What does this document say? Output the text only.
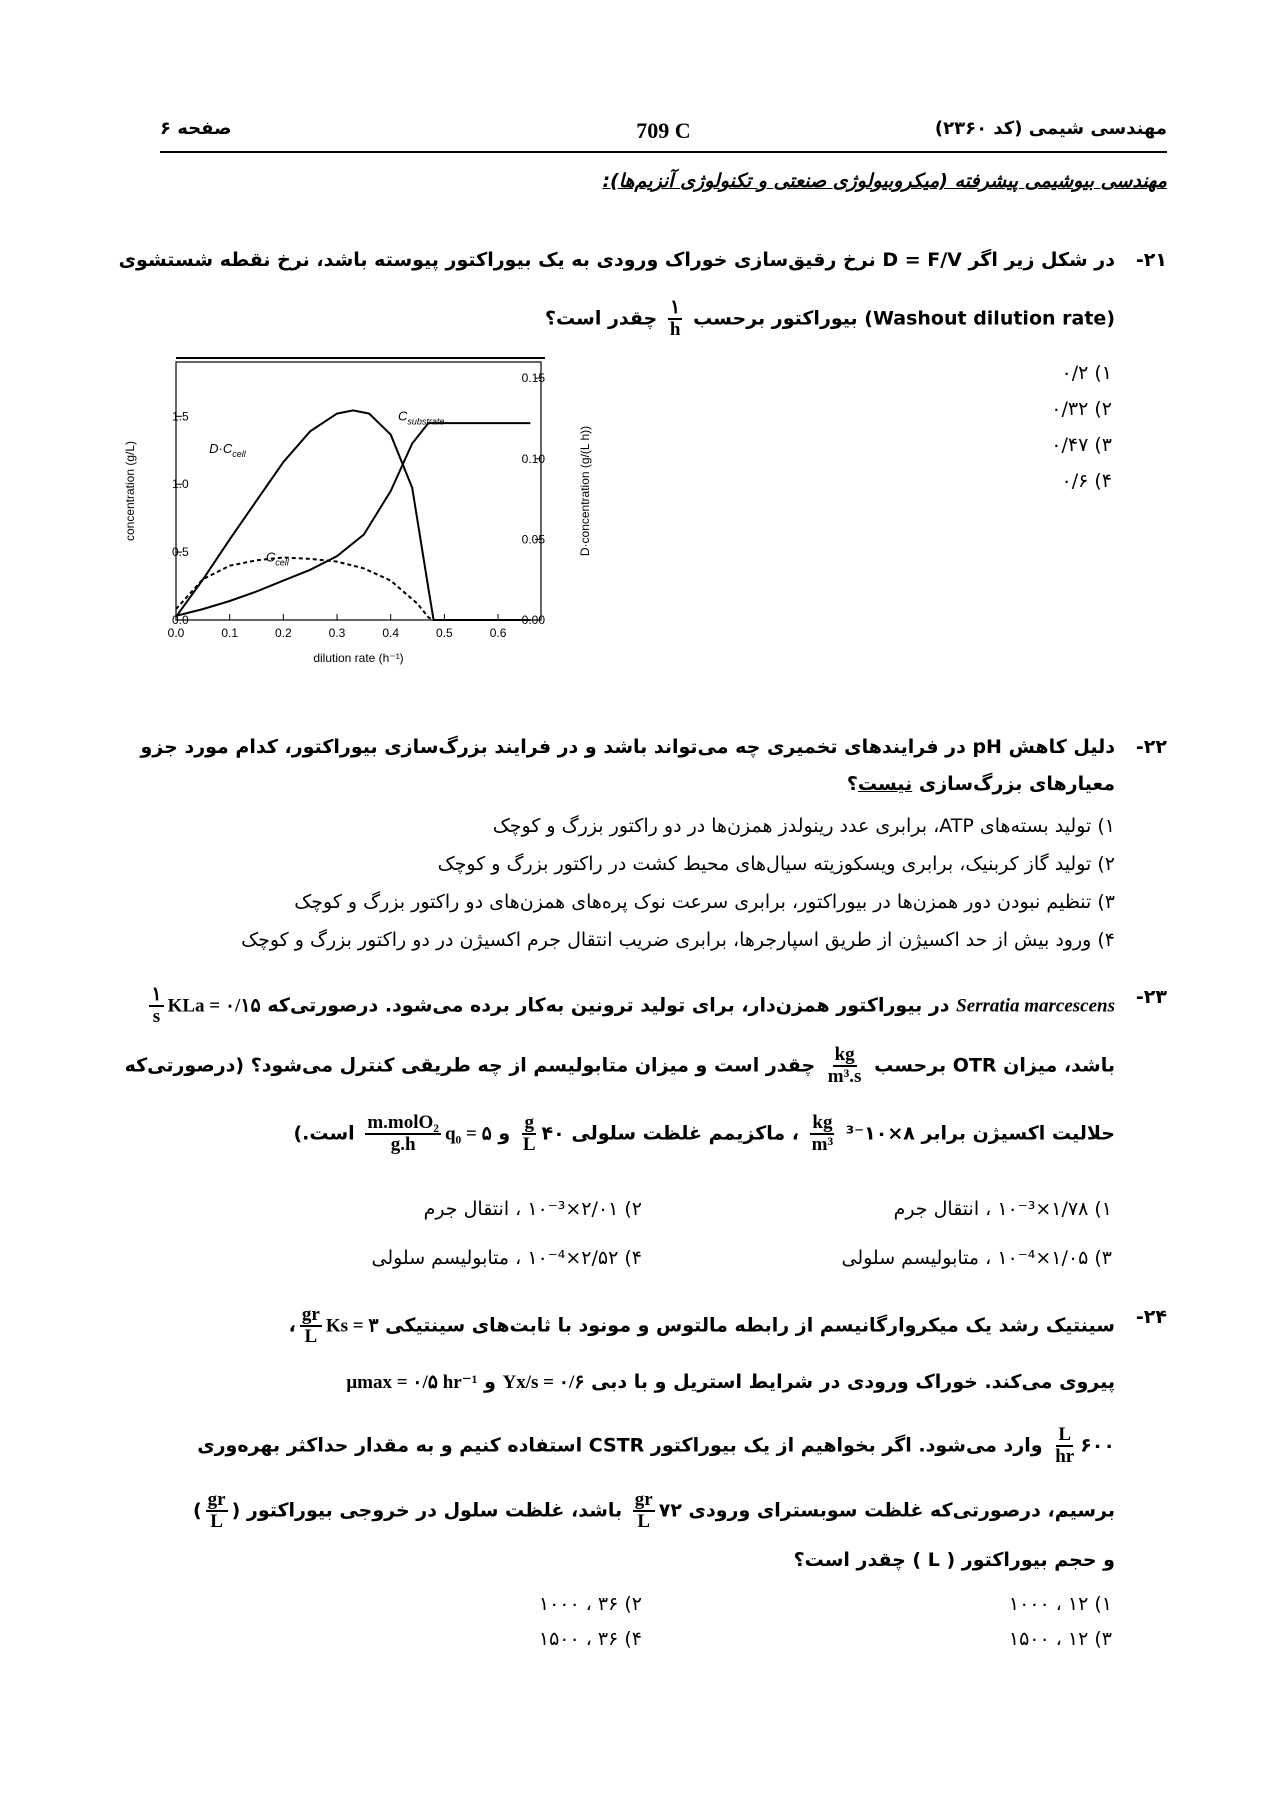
مهندسی شیمی (کد ۲۳۶۰)
709 C
صفحه ۶
مهندسی بیوشیمی پیشرفته (میکروبیولوژی صنعتی و تکنولوژی آنزیم‌ها):
۲۱-
در شکل زیر اگر D = F/V نرخ رقیق‌سازی خوراک ورودی به یک بیوراکتور پیوسته باشد، نرخ نقطه شستشوی
(Washout dilution rate) بیوراکتور برحسب
$\frac{۱}{h}$
چقدر است؟
۱) ۰/۲
۲) ۰/۳۲
۳) ۰/۴۷
۴) ۰/۶
0.0	0.1	0.2	0.3	0.4	0.5	0.6
0.0
0.5
1.0
1.5
0.00
0.05
0.10
0.15
dilution rate (h⁻¹)
concentration (g/L)	D·concentration (g/(L h))
$D\cdot C_{cell}$
$C_{cell}$
$C_{substrate}$
۲۲-
دلیل کاهش pH در فرایندهای تخمیری چه می‌تواند باشد و در فرایند بزرگ‌سازی بیوراکتور، کدام مورد جزو
معیارهای بزرگ‌سازی نیست؟
۱) تولید بسته‌های ATP، برابری عدد رینولدز همزن‌ها در دو راکتور بزرگ و کوچک
۲) تولید گاز کربنیک، برابری ویسکوزیته سیال‌های محیط کشت در راکتور بزرگ و کوچک
۳) تنظیم نبودن دور همزن‌ها در بیوراکتور، برابری سرعت نوک پره‌های همزن‌های دو راکتور بزرگ و کوچک
۴) ورود بیش از حد اکسیژن از طریق اسپارجرها، برابری ضریب انتقال جرم اکسیژن در دو راکتور بزرگ و کوچک
۲۳-
Serratia marcescens در بیوراکتور همزن‌دار، برای تولید ترونین به‌کار برده می‌شود. درصورتی‌که KLa = ۰/۱۵
$\frac{۱}{s}$
باشد، میزان OTR برحسب
$\frac{kg}{\text{m³.s}}$
چقدر است و میزان متابولیسم از چه طریقی کنترل می‌شود؟ (درصورتی‌که
حلالیت اکسیژن برابر ۸×۱۰⁻³
$\frac{kg}{\text{m³}}$
، ماکزیمم غلظت سلولی ۴۰
$\frac{g}{L}$
و q₀ = ۵
$\frac{\text{m.molO₂}}{g.h}$
است.)
۱) ۱/۷۸×۱۰⁻³ ، انتقال جرم
۲) ۲/۰۱×۱۰⁻³ ، انتقال جرم
۳) ۱/۰۵×۱۰⁻⁴ ، متابولیسم سلولی
۴) ۲/۵۲×۱۰⁻⁴ ، متابولیسم سلولی
۲۴-
سینتیک رشد یک میکروارگانیسم از رابطه مالتوس و مونود با ثابت‌های سینتیکی Ks = ۳
$\frac{gr}{L}$
،
پیروی می‌کند. خوراک ورودی در شرایط استریل و با دبی Yx/s = ۰/۶ و μmax = ۰/۵ hr⁻¹
۶۰۰
$\frac{L}{hr}$
وارد می‌شود. اگر بخواهیم از یک بیوراکتور CSTR استفاده کنیم و به مقدار حداکثر بهره‌وری
برسیم، درصورتی‌که غلظت سوبسترای ورودی ۷۲
$\frac{gr}{L}$
باشد، غلظت سلول در خروجی بیوراکتور (
$\frac{gr}{L}$
)
و حجم بیوراکتور ( L ) چقدر است؟
۱) ۱۲ ، ۱۰۰۰
۲) ۳۶ ، ۱۰۰۰
۳) ۱۲ ، ۱۵۰۰
۴) ۳۶ ، ۱۵۰۰
